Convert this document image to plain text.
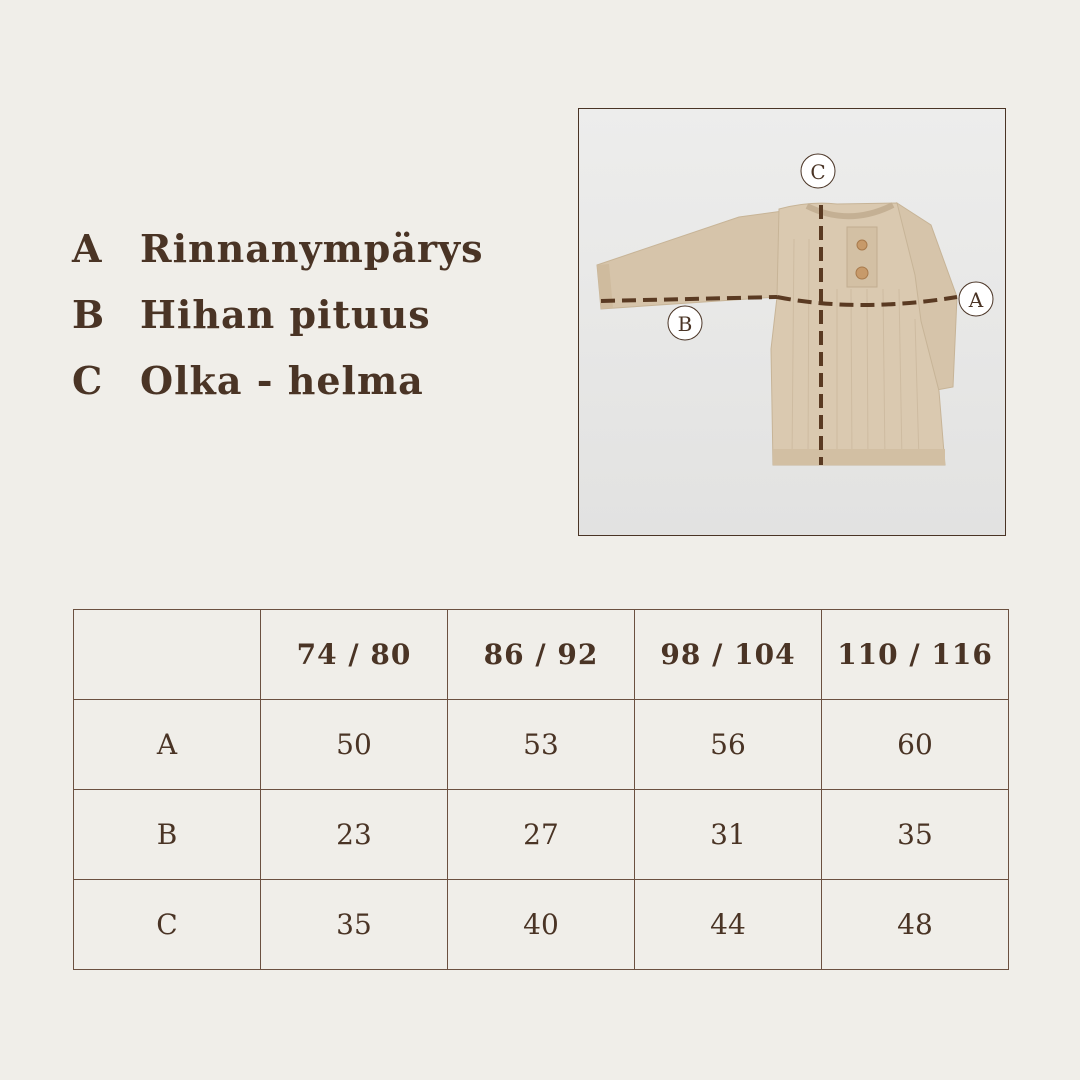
A Rinnanympärys
B Hihan pituus
C Olka - helma
C
B
A
	74 / 80	86 / 92	98 / 104	110 / 116
A	50	53	56	60
B	23	27	31	35
C	35	40	44	48
